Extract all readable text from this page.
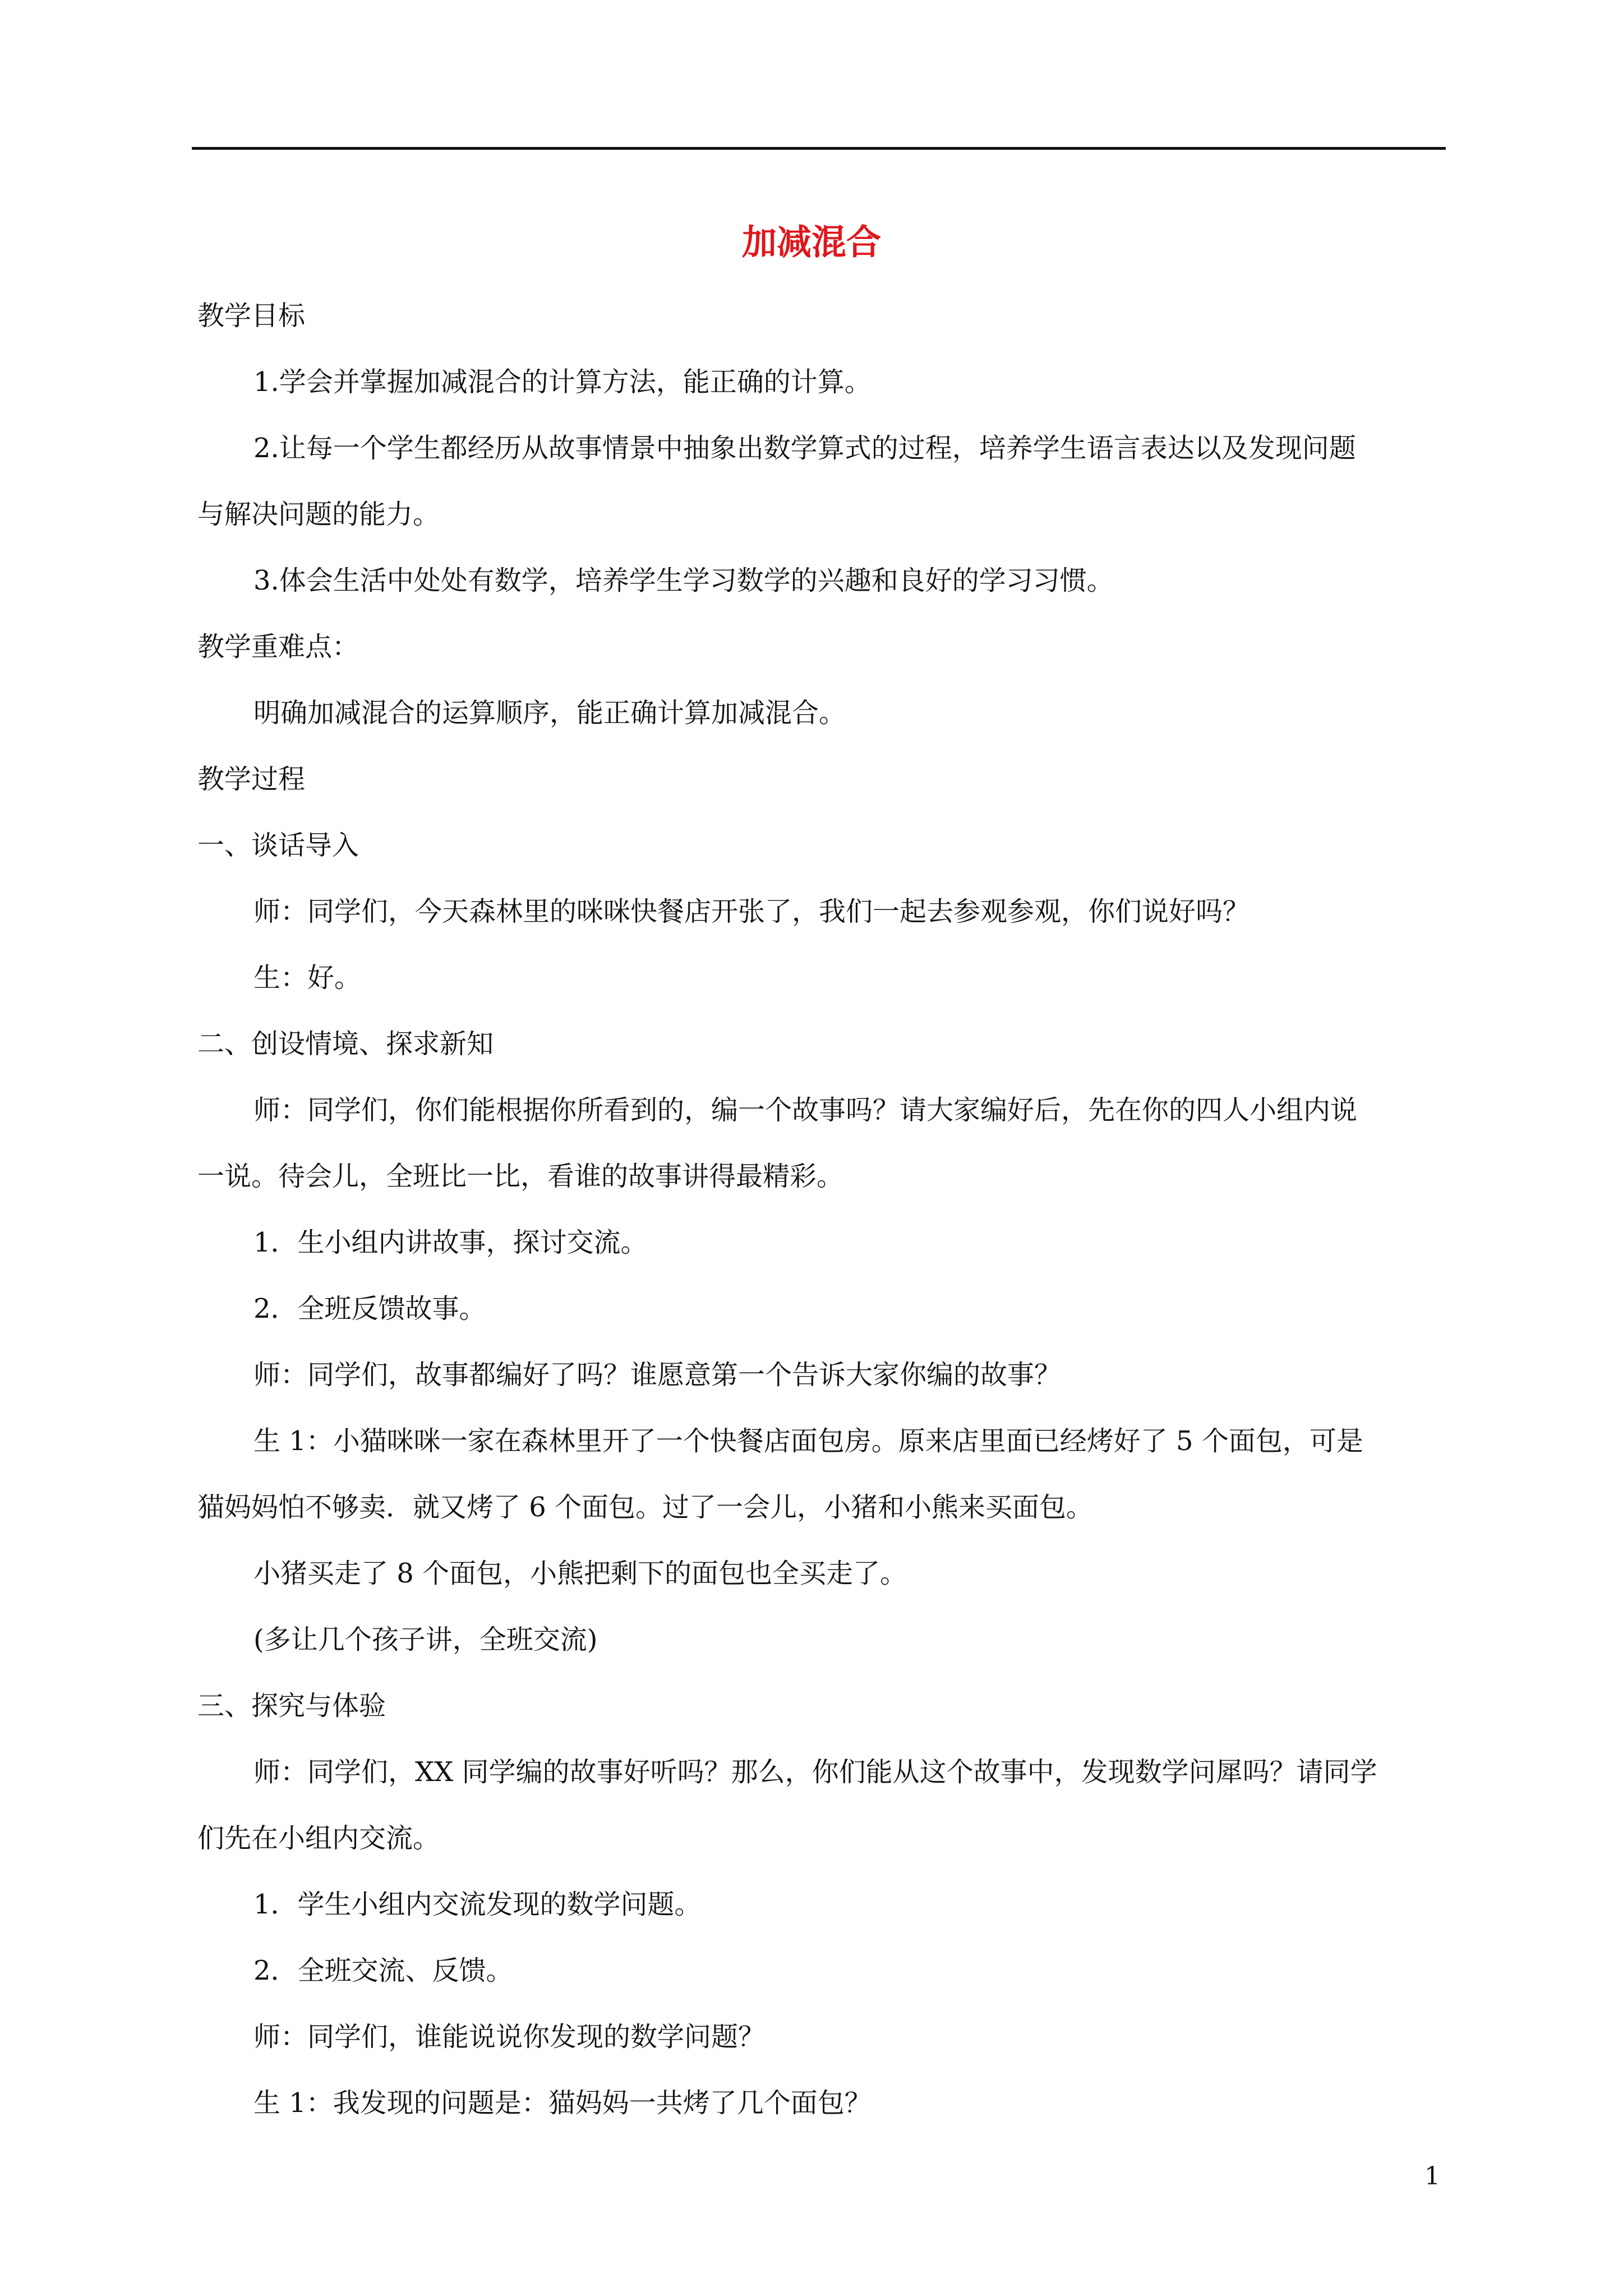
加减混合

教学目标

1.学会并掌握加减混合的计算方法，能正确的计算。

2.让每一个学生都经历从故事情景中抽象出数学算式的过程，培养学生语言表达以及发现问题

与解决问题的能力。

3.体会生活中处处有数学，培养学生学习数学的兴趣和良好的学习习惯。

教学重难点：

明确加减混合的运算顺序，能正确计算加减混合。

教学过程

一、谈话导入

师：同学们，今天森林里的咪咪快餐店开张了，我们一起去参观参观，你们说好吗？

生：好。

二、创设情境、探求新知

师：同学们，你们能根据你所看到的，编一个故事吗？请大家编好后，先在你的四人小组内说

一说。待会儿，全班比一比，看谁的故事讲得最精彩。

1．生小组内讲故事，探讨交流。

2．全班反馈故事。

师：同学们，故事都编好了吗？谁愿意第一个告诉大家你编的故事？

生 1：小猫咪咪一家在森林里开了一个快餐店面包房。原来店里面已经烤好了 5 个面包，可是

猫妈妈怕不够卖．就又烤了 6 个面包。过了一会儿，小猪和小熊来买面包。

小猪买走了 8 个面包，小熊把剩下的面包也全买走了。

(多让几个孩子讲，全班交流)

三、探究与体验

师：同学们，XX 同学编的故事好听吗？那么，你们能从这个故事中，发现数学问犀吗？请同学

们先在小组内交流。

1．学生小组内交流发现的数学问题。

2．全班交流、反馈。

师：同学们，谁能说说你发现的数学问题？

生 1：我发现的问题是：猫妈妈一共烤了几个面包？

1
